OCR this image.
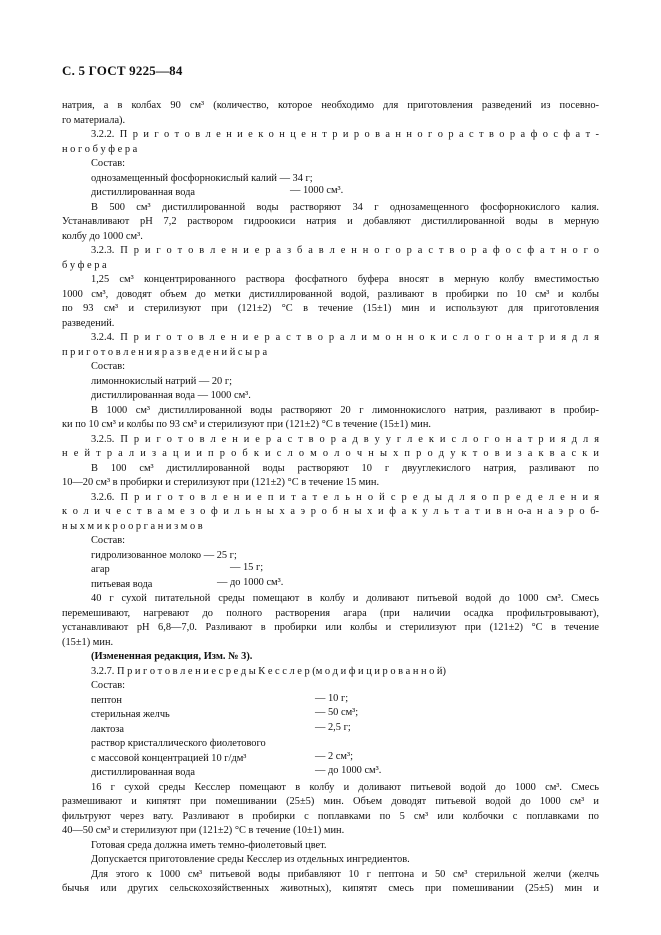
С. 5 ГОСТ 9225—84
натрия, а в колбах 90 см³ (количество, которое необходимо для приготовления разведений из посевно-
го материала).
3.2.2. П р и г о т о в л е н и е к о н ц е н т р и р о в а н н о г о р а с т в о р а ф о с ф а т -
н о г о б у ф е р а
Состав:
однозамещенный фосфорнокислый калий — 34 г;
дистиллированная вода	— 1000 см³.
В 500 см³ дистиллированной воды растворяют 34 г однозамещенного фосфорнокислого калия.
Устанавливают рН 7,2 раствором гидроокиси натрия и добавляют дистиллированной воды в мерную
колбу до 1000 см³.
3.2.3. П р и г о т о в л е н и е р а з б а в л е н н о г о р а с т в о р а ф о с ф а т н о г о
б у ф е р а
1,25 см³ концентрированного раствора фосфатного буфера вносят в мерную колбу вместимостью
1000 см³, доводят объем до метки дистиллированной водой, разливают в пробирки по 10 см³ и колбы
по 93 см³ и стерилизуют при (121±2) °С в течение (15±1) мин и используют для приготовления
разведений.
3.2.4. П р и г о т о в л е н и е р а с т в о р а л и м о н н о к и с л о г о н а т р и я д л я
п р и г о т о в л е н и я р а з в е д е н и й с ы р а
Состав:
лимоннокислый натрий — 20 г;
дистиллированная вода — 1000 см³.
В 1000 см³ дистиллированной воды растворяют 20 г лимоннокислого натрия, разливают в пробир-
ки по 10 см³ и колбы по 93 см³ и стерилизуют при (121±2) °С в течение (15±1) мин.
3.2.5. П р и г о т о в л е н и е р а с т в о р а д в у у г л е к и с л о г о н а т р и я д л я
н е й т р а л и з а ц и и п р о б к и с л о м о л о ч н ы х п р о д у к т о в и з а к в а с к и
В 100 см³ дистиллированной воды растворяют 10 г двууглекислого натрия, разливают по
10—20 см³ в пробирки и стерилизуют при (121±2) °С в течение 15 мин.
3.2.6. П р и г о т о в л е н и е п и т а т е л ь н о й с р е д ы д л я о п р е д е л е н и я
к о л и ч е с т в а м е з о ф и л ь н ы х а э р о б н ы х и ф а к у л ь т а т и в н о-а н а э р о б-
н ы х м и к р о о р г а н и з м о в
Состав:
гидролизованное молоко — 25 г;
агар	— 15 г;
питьевая вода	— до 1000 см³.
40 г сухой питательной среды помещают в колбу и доливают питьевой водой до 1000 см³. Смесь
перемешивают, нагревают до полного растворения агара (при наличии осадка профильтровывают),
устанавливают рН 6,8—7,0. Разливают в пробирки или колбы и стерилизуют при (121±2) °С в течение
(15±1) мин.
(Измененная редакция, Изм. № 3).
3.2.7. П р и г о т о в л е н и е с р е д ы К е с с л е р (м о д и ф и ц и р о в а н н о й)
Состав:
пептон	— 10 г;
стерильная желчь	— 50 см³;
лактоза	— 2,5 г;
раствор кристаллического фиолетового
с массовой концентрацией 10 г/дм³	— 2 см³;
дистиллированная вода	— до 1000 см³.
16 г сухой среды Кесслер помещают в колбу и доливают питьевой водой до 1000 см³. Смесь
размешивают и кипятят при помешивании (25±5) мин. Объем доводят питьевой водой до 1000 см³ и
фильтруют через вату. Разливают в пробирки с поплавками по 5 см³ или колбочки с поплавками по
40—50 см³ и стерилизуют при (121±2) °С в течение (10±1) мин.
Готовая среда должна иметь темно-фиолетовый цвет.
Допускается приготовление среды Кесслер из отдельных ингредиентов.
Для этого к 1000 см³ питьевой воды прибавляют 10 г пептона и 50 см³ стерильной желчи (желчь
бычья или других сельскохозяйственных животных), кипятят смесь при помешивании (25±5) мин и
